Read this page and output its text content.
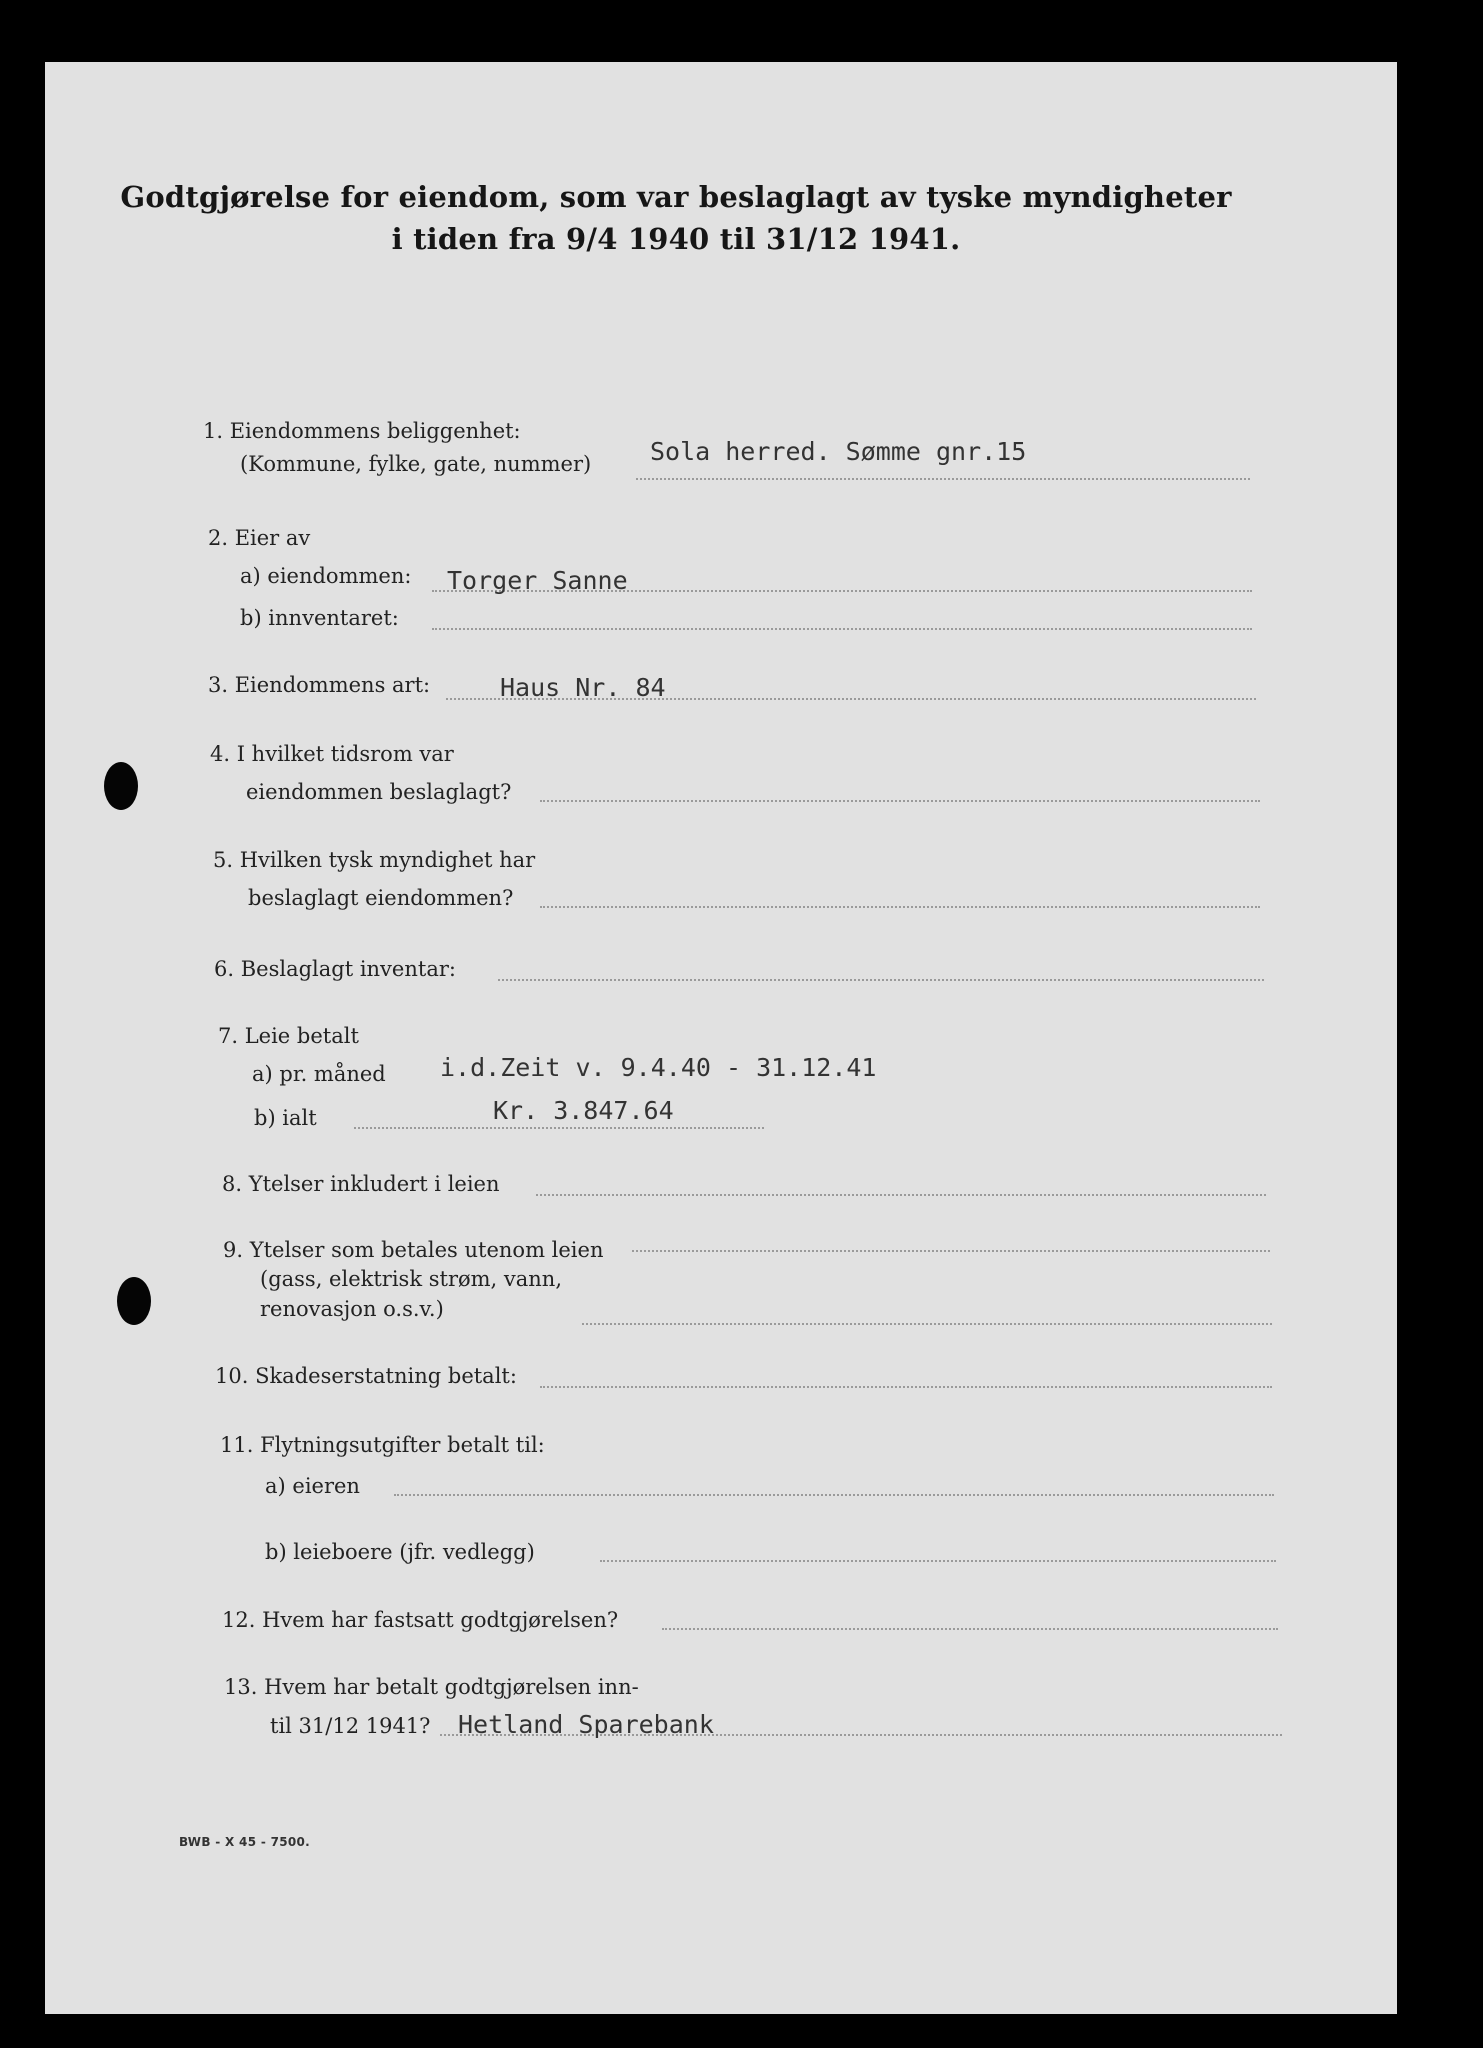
Godtgjørelse for eiendom, som var beslaglagt av tyske myndigheter
i tiden fra 9/4 1940 til 31/12 1941.
1. Eiendommens beliggenhet:
(Kommune, fylke, gate, nummer) Sola herred. Sømme gnr.15
2. Eier av
a) eiendommen: Torger Sanne
b) innventaret:
3. Eiendommens art:	Haus Nr. 84
4. I hvilket tidsrom var
eiendommen beslaglagt?
5. Hvilken tysk myndighet har
beslaglagt eiendommen?
6. Beslaglagt inventar:
7. Leie betalt
a) pr. måned i.d.Zeit v. 9.4.40 - 31.12.41
b) ialt	Kr. 3.847.64
8. Ytelser inkludert i leien
9. Ytelser som betales utenom leien
(gass, elektrisk strøm, vann,
renovasjon o.s.v.)
10. Skadeserstatning betalt:
11. Flytningsutgifter betalt til:
a) eieren
b) leieboere (jfr. vedlegg)
12. Hvem har fastsatt godtgjørelsen?
13. Hvem har betalt godtgjørelsen inn-
til 31/12 1941? Hetland Sparebank
BWB - X 45 - 7500.
